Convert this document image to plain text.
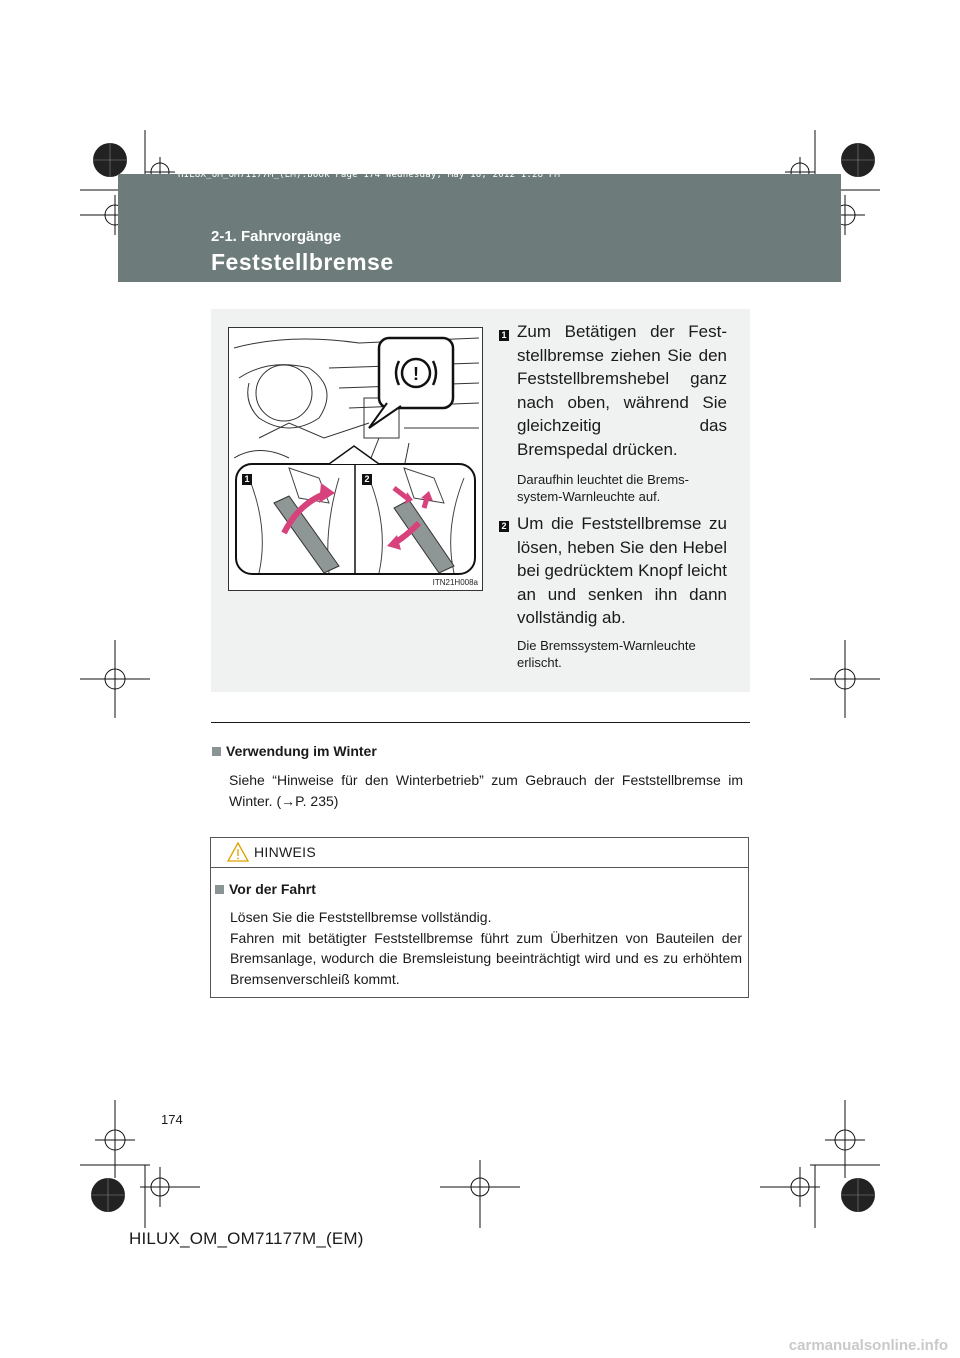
HILUX_OM_OM71177M_(EM).book Page 174 Wednesday, May 16, 2012 1:28 PM
2-1. Fahrvorgänge
Feststellbremse
!
1	2
ITN21H008a
1 Zum Betätigen der Feststellbremse ziehen Sie den Feststellbremshebel ganz nach oben, während Sie gleichzeitig das Bremspedal drücken.
Daraufhin leuchtet die Bremssystem-Warnleuchte auf.
2 Um die Feststellbremse zu lösen, heben Sie den Hebel bei gedrücktem Knopf leicht an und senken ihn dann vollständig ab.
Die Bremssystem-Warnleuchte erlischt.
Verwendung im Winter
Siehe “Hinweise für den Winterbetrieb” zum Gebrauch der Feststellbremse im Winter. (→P. 235)
HINWEIS
Vor der Fahrt
Lösen Sie die Feststellbremse vollständig.
Fahren mit betätigter Feststellbremse führt zum Überhitzen von Bauteilen der Bremsanlage, wodurch die Bremsleistung beeinträchtigt wird und es zu erhöhtem Bremsenverschleiß kommt.
174
HILUX_OM_OM71177M_(EM)
carmanualsonline.info
